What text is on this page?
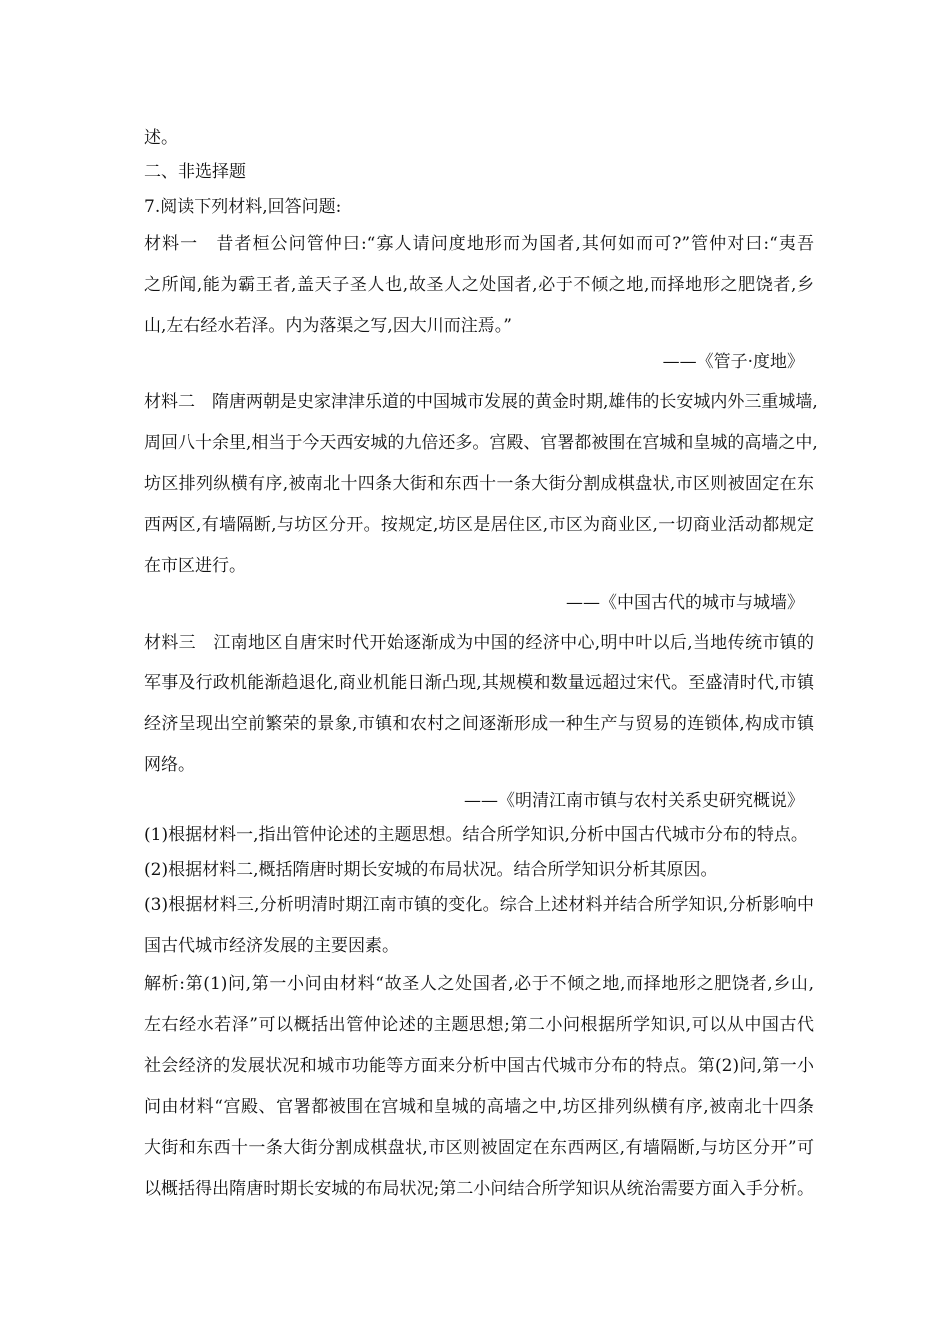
述。
二、非选择题
7.阅读下列材料,回答问题:
材料一　昔者桓公问管仲曰:“寡人请问度地形而为国者,其何如而可?”管仲对曰:“夷吾
之所闻,能为霸王者,盖天子圣人也,故圣人之处国者,必于不倾之地,而择地形之肥饶者,乡
山,左右经水若泽。内为落渠之写,因大川而注焉。”
——《管子·度地》
材料二　隋唐两朝是史家津津乐道的中国城市发展的黄金时期,雄伟的长安城内外三重城墙,
周回八十余里,相当于今天西安城的九倍还多。宫殿、官署都被围在宫城和皇城的高墙之中,
坊区排列纵横有序,被南北十四条大街和东西十一条大街分割成棋盘状,市区则被固定在东
西两区,有墙隔断,与坊区分开。按规定,坊区是居住区,市区为商业区,一切商业活动都规定
在市区进行。
——《中国古代的城市与城墙》
材料三　江南地区自唐宋时代开始逐渐成为中国的经济中心,明中叶以后,当地传统市镇的
军事及行政机能渐趋退化,商业机能日渐凸现,其规模和数量远超过宋代。至盛清时代,市镇
经济呈现出空前繁荣的景象,市镇和农村之间逐渐形成一种生产与贸易的连锁体,构成市镇
网络。
——《明清江南市镇与农村关系史研究概说》
(1)根据材料一,指出管仲论述的主题思想。结合所学知识,分析中国古代城市分布的特点。
(2)根据材料二,概括隋唐时期长安城的布局状况。结合所学知识分析其原因。
(3)根据材料三,分析明清时期江南市镇的变化。综合上述材料并结合所学知识,分析影响中
国古代城市经济发展的主要因素。
解析:第(1)问,第一小问由材料“故圣人之处国者,必于不倾之地,而择地形之肥饶者,乡山,
左右经水若泽”可以概括出管仲论述的主题思想;第二小问根据所学知识,可以从中国古代
社会经济的发展状况和城市功能等方面来分析中国古代城市分布的特点。第(2)问,第一小
问由材料“宫殿、官署都被围在宫城和皇城的高墙之中,坊区排列纵横有序,被南北十四条
大街和东西十一条大街分割成棋盘状,市区则被固定在东西两区,有墙隔断,与坊区分开”可
以概括得出隋唐时期长安城的布局状况;第二小问结合所学知识从统治需要方面入手分析。
